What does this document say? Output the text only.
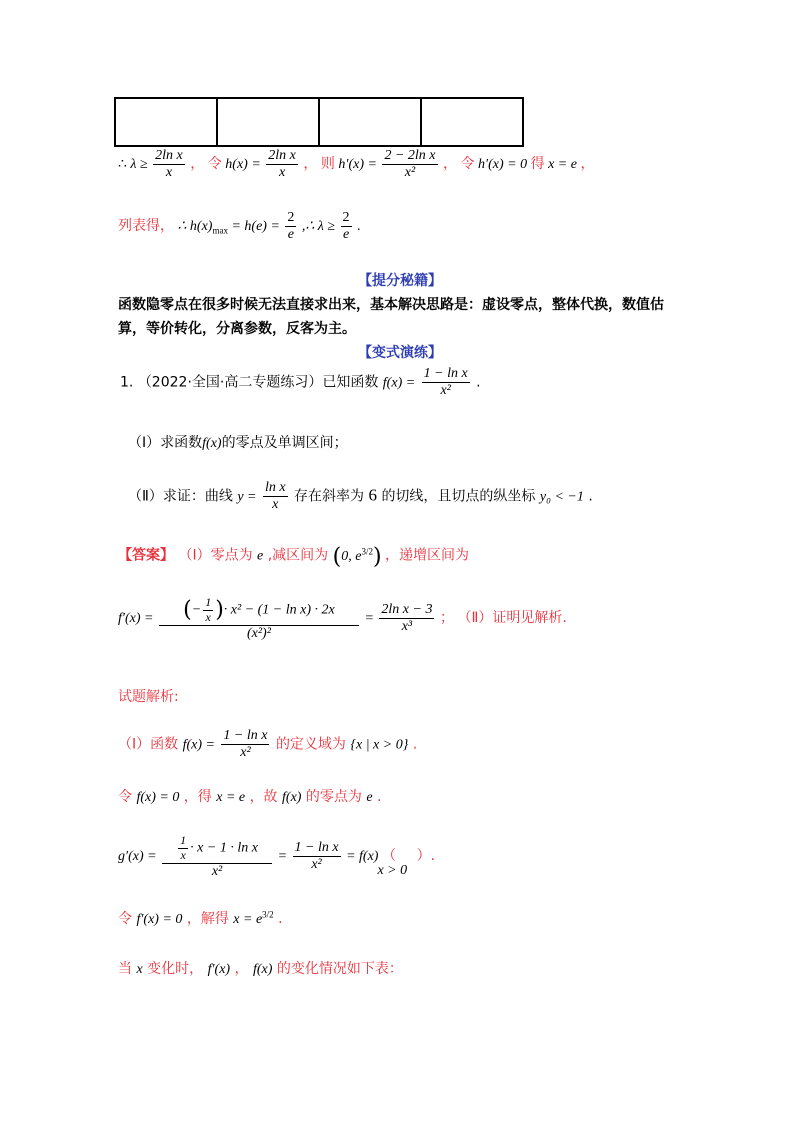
∴ $\lambda \ge \frac{\text{2ln x}}{x}$ ， 令 $h(x) = \frac{\text{2ln x}}{x}$ ， 则 $h'(x) = \frac{\text{2 − 2ln x}}{\text{x²}}$ ， 令 h′(x) = 0 得 x = e ，
列表得， ∴ $h(x)_{max} = h(e) = \frac{2}{e}$ ,∴ $\lambda \ge \frac{2}{e}$ .
【提分秘籍】
函数隐零点在很多时候无法直接求出来，基本解决思路是：虚设零点，整体代换，数值估
算，等价转化，分离参数，反客为主。
【变式演练】
1. （2022·全国·高二专题练习）已知函数 $f(x) = \frac{\text{1 − ln x}}{\text{x²}}$ .
（Ⅰ）求函数f(x)的零点及单调区间；
（Ⅱ）求证：曲线 $y = \frac{\text{ln x}}{x}$ 存在斜率为 6 的切线，且切点的纵坐标 y₀ < −1 .
【答案】 （Ⅰ）零点为 e ,减区间为 (0, $e^{3/2}$) ，递增区间为
$f'(x) = \frac{(- \frac{1}{x} )\cdot x^2 - (1 - \ln x) \cdot 2x}{\text{(x²)²}} = \frac{\text{2ln x − 3}}{\text{x³}}$ ； （Ⅱ）证明见解析.
试题解析:
（Ⅰ）函数 $f(x) = \frac{\text{1 − ln x}}{\text{x²}}$ 的定义域为 {x | x > 0} .
令 f(x) = 0 ，得 x = e ，故 f(x) 的零点为 e .
$g'(x) = \frac{\frac{1}{x} \cdot x - 1 \cdot \ln x}{\text{x²}} = \frac{\text{1 − ln x}}{\text{x²}} = f(x)$ （ x > 0 ）.
令 f′(x) = 0 ，解得 $x = e^{3/2}$ .
当 x 变化时， f′(x) ， f(x) 的变化情况如下表：
